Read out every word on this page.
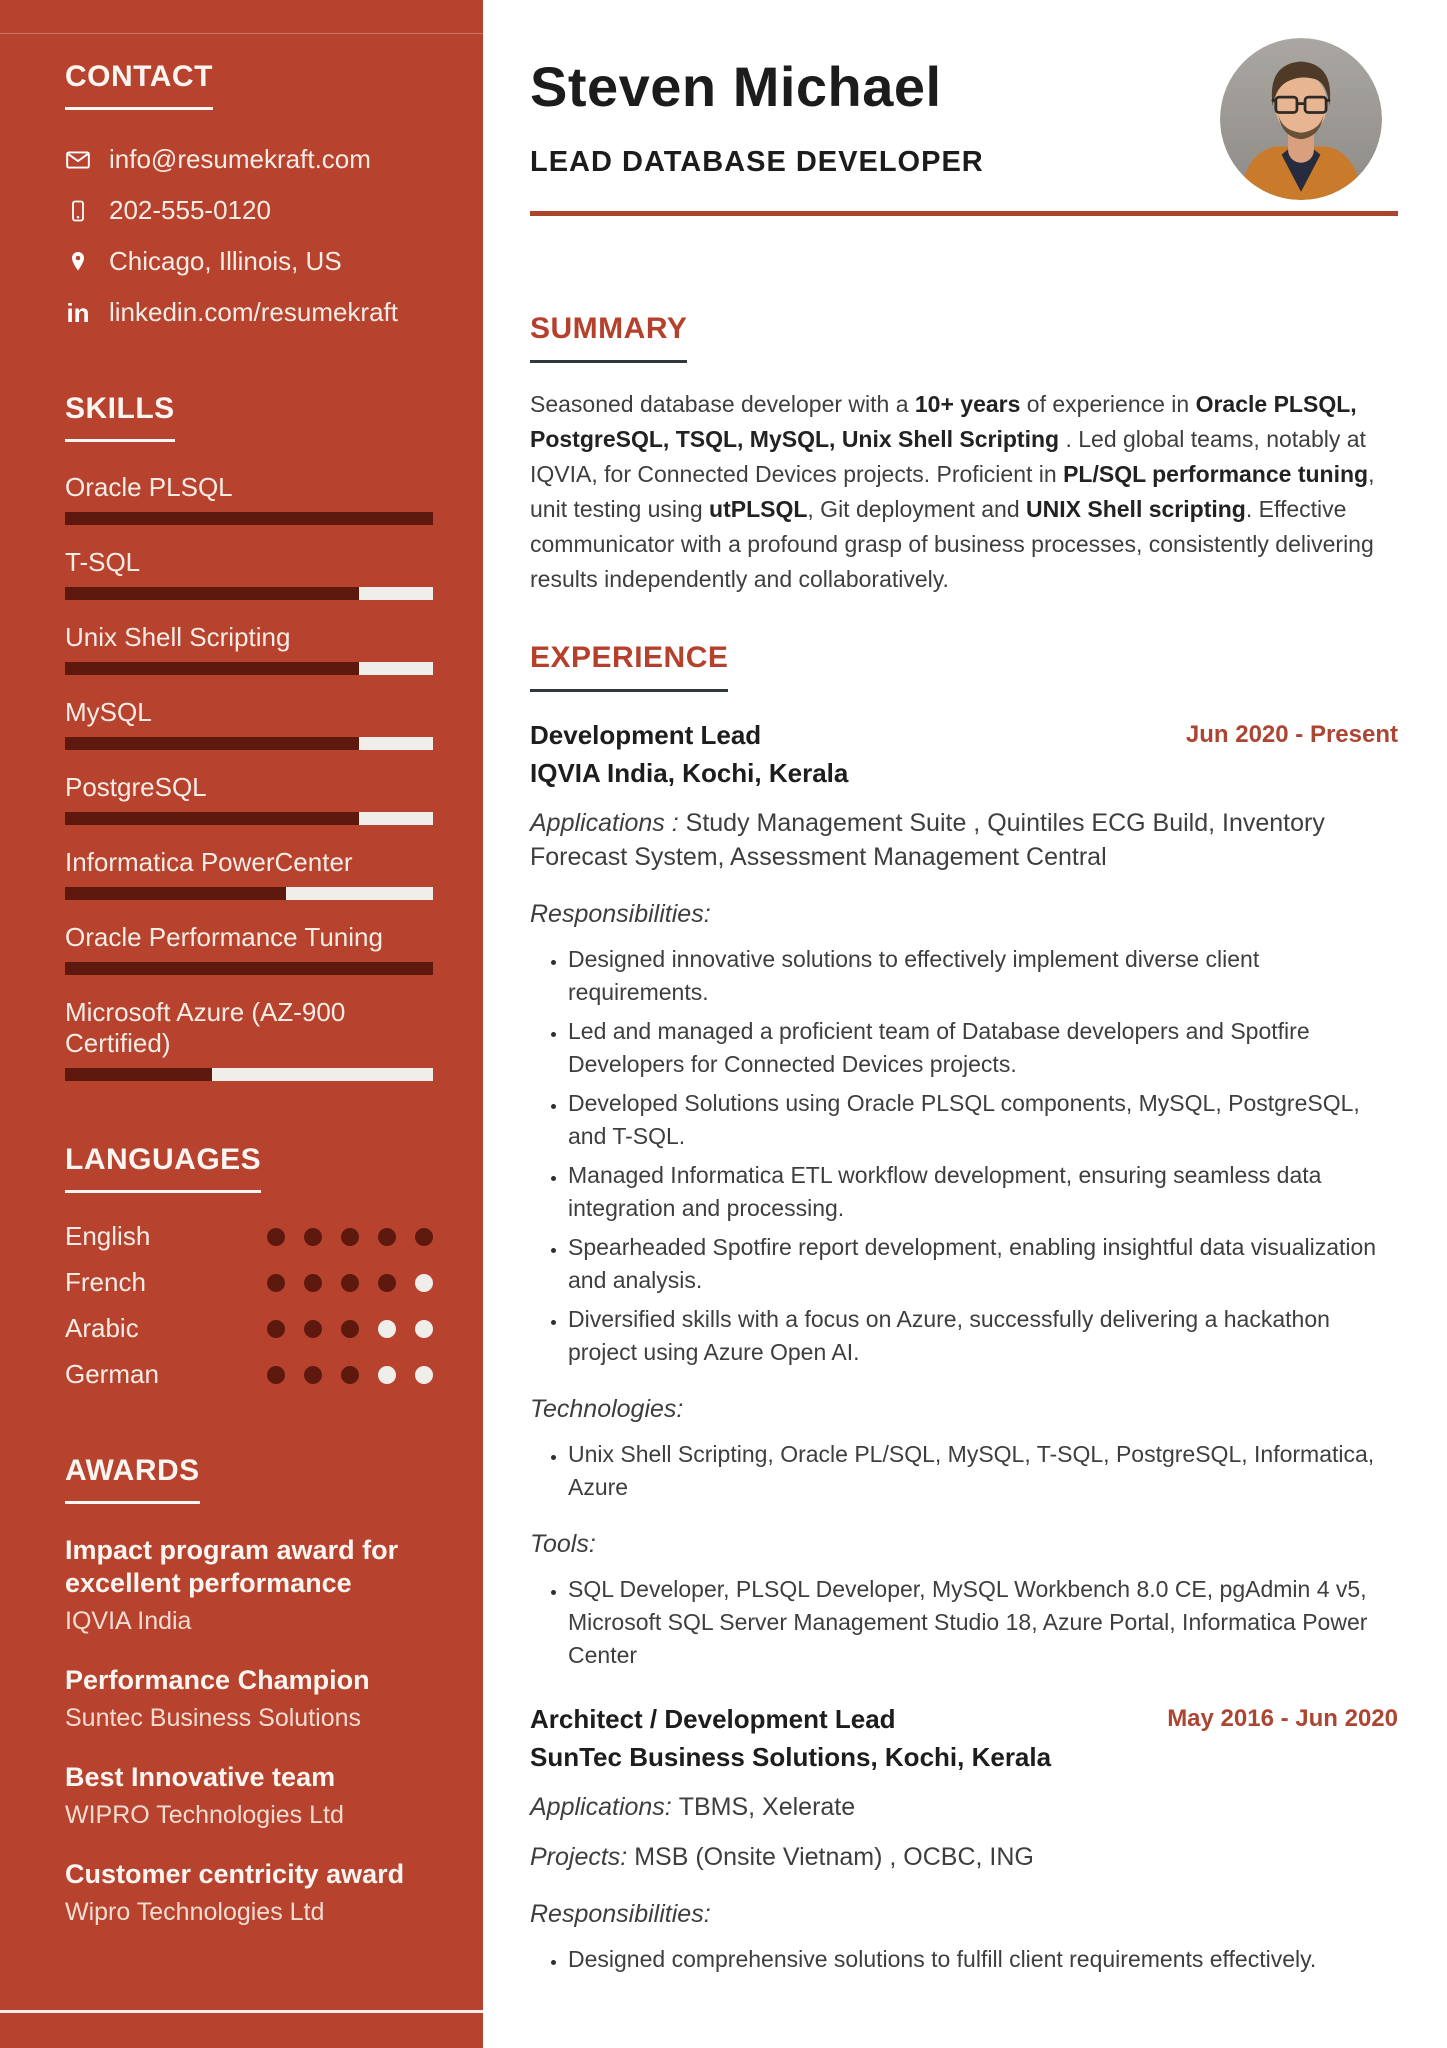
CONTACT
info@resumekraft.com
202-555-0120
Chicago, Illinois, US
in linkedin.com/resumekraft
SKILLS
Oracle PLSQL
T-SQL
Unix Shell Scripting
MySQL
PostgreSQL
Informatica PowerCenter
Oracle Performance Tuning
Microsoft Azure (AZ-900 Certified)
LANGUAGES
English
French
Arabic
German
AWARDS
Impact program award for excellent performance
IQVIA India
Performance Champion
Suntec Business Solutions
Best Innovative team
WIPRO Technologies Ltd
Customer centricity award
Wipro Technologies Ltd
Steven Michael
LEAD DATABASE DEVELOPER
SUMMARY

Seasoned database developer with a 10+ years of experience in Oracle PLSQL, PostgreSQL, TSQL, MySQL, Unix Shell Scripting . Led global teams, notably at IQVIA, for Connected Devices projects. Proficient in PL/SQL performance tuning, unit testing using utPLSQL, Git deployment and UNIX Shell scripting. Effective communicator with a profound grasp of business processes, consistently delivering results independently and collaboratively.

EXPERIENCE
Development Lead	Jun 2020 - Present
IQVIA India, Kochi, Kerala
Applications : Study Management Suite , Quintiles ECG Build, Inventory Forecast System, Assessment Management Central
Responsibilities:
• Designed innovative solutions to effectively implement diverse client requirements.
• Led and managed a proficient team of Database developers and Spotfire Developers for Connected Devices projects.
• Developed Solutions using Oracle PLSQL components, MySQL, PostgreSQL, and T-SQL.
• Managed Informatica ETL workflow development, ensuring seamless data integration and processing.
• Spearheaded Spotfire report development, enabling insightful data visualization and analysis.
• Diversified skills with a focus on Azure, successfully delivering a hackathon project using Azure Open AI.
Technologies:
• Unix Shell Scripting, Oracle PL/SQL, MySQL, T-SQL, PostgreSQL, Informatica, Azure
Tools:
• SQL Developer, PLSQL Developer, MySQL Workbench 8.0 CE, pgAdmin 4 v5, Microsoft SQL Server Management Studio 18, Azure Portal, Informatica Power Center
Architect / Development Lead	May 2016 - Jun 2020
SunTec Business Solutions, Kochi, Kerala
Applications: TBMS, Xelerate
Projects: MSB (Onsite Vietnam) , OCBC, ING
Responsibilities:
• Designed comprehensive solutions to fulfill client requirements effectively.
